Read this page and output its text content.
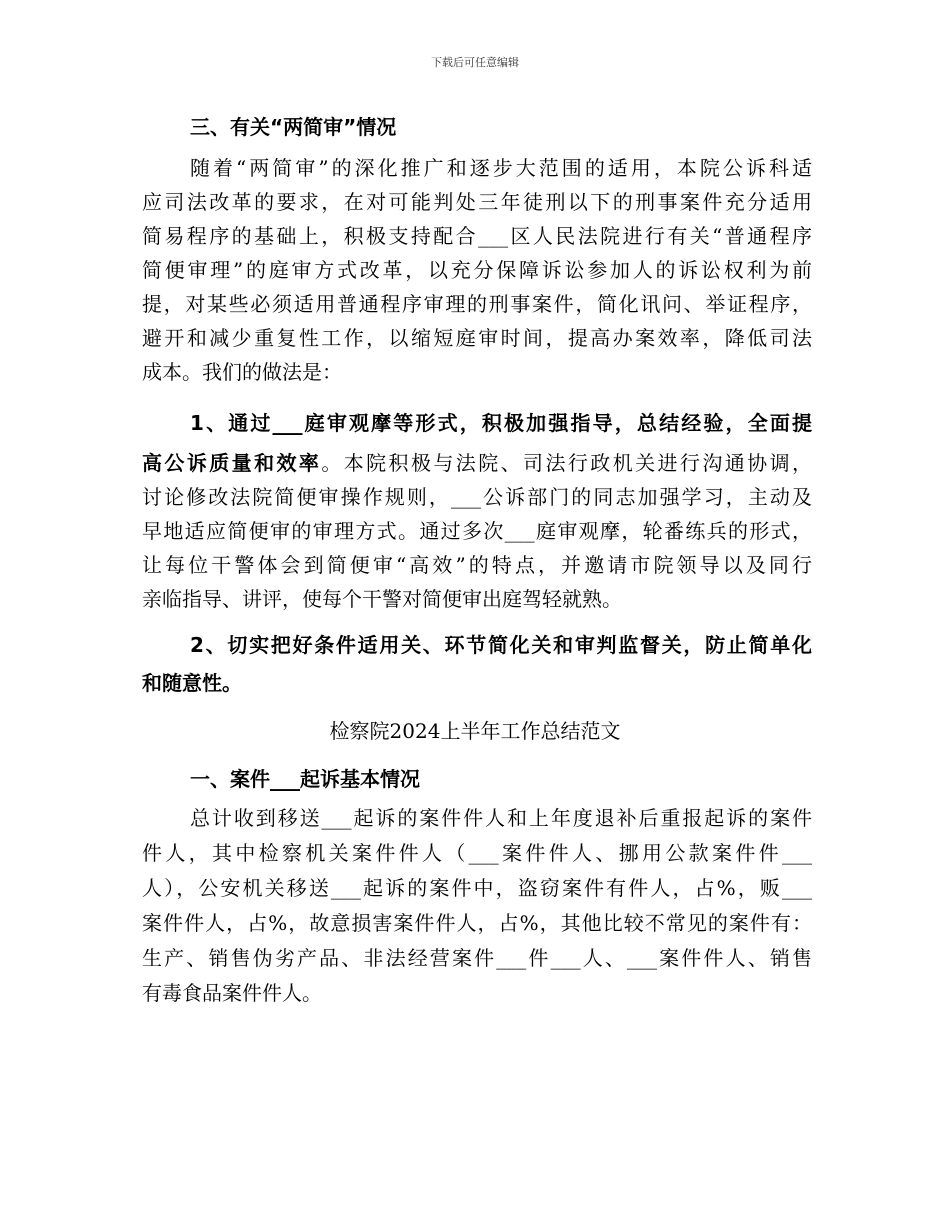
下载后可任意编辑
三、有关“两简审”情况
随着“两简审”的深化推广和逐步大范围的适用，本院公诉科适
应司法改革的要求，在对可能判处三年徒刑以下的刑事案件充分适用
简易程序的基础上，积极支持配合___区人民法院进行有关“普通程序
简便审理”的庭审方式改革，以充分保障诉讼参加人的诉讼权利为前
提，对某些必须适用普通程序审理的刑事案件，简化讯问、举证程序，
避开和减少重复性工作，以缩短庭审时间，提高办案效率，降低司法
成本。我们的做法是：
1、通过___庭审观摩等形式，积极加强指导，总结经验，全面提
高公诉质量和效率。本院积极与法院、司法行政机关进行沟通协调，
讨论修改法院简便审操作规则，___公诉部门的同志加强学习，主动及
早地适应简便审的审理方式。通过多次___庭审观摩，轮番练兵的形式，
让每位干警体会到简便审“高效”的特点，并邀请市院领导以及同行
亲临指导、讲评，使每个干警对简便审出庭驾轻就熟。
2、切实把好条件适用关、环节简化关和审判监督关，防止简单化
和随意性。
检察院2024上半年工作总结范文
一、案件___起诉基本情况
总计收到移送___起诉的案件件人和上年度退补后重报起诉的案件
件人，其中检察机关案件件人（___案件件人、挪用公款案件件___
人），公安机关移送___起诉的案件中，盗窃案件有件人，占%，贩___
案件件人，占%，故意损害案件件人，占%，其他比较不常见的案件有：
生产、销售伪劣产品、非法经营案件___件___人、___案件件人、销售
有毒食品案件件人。
